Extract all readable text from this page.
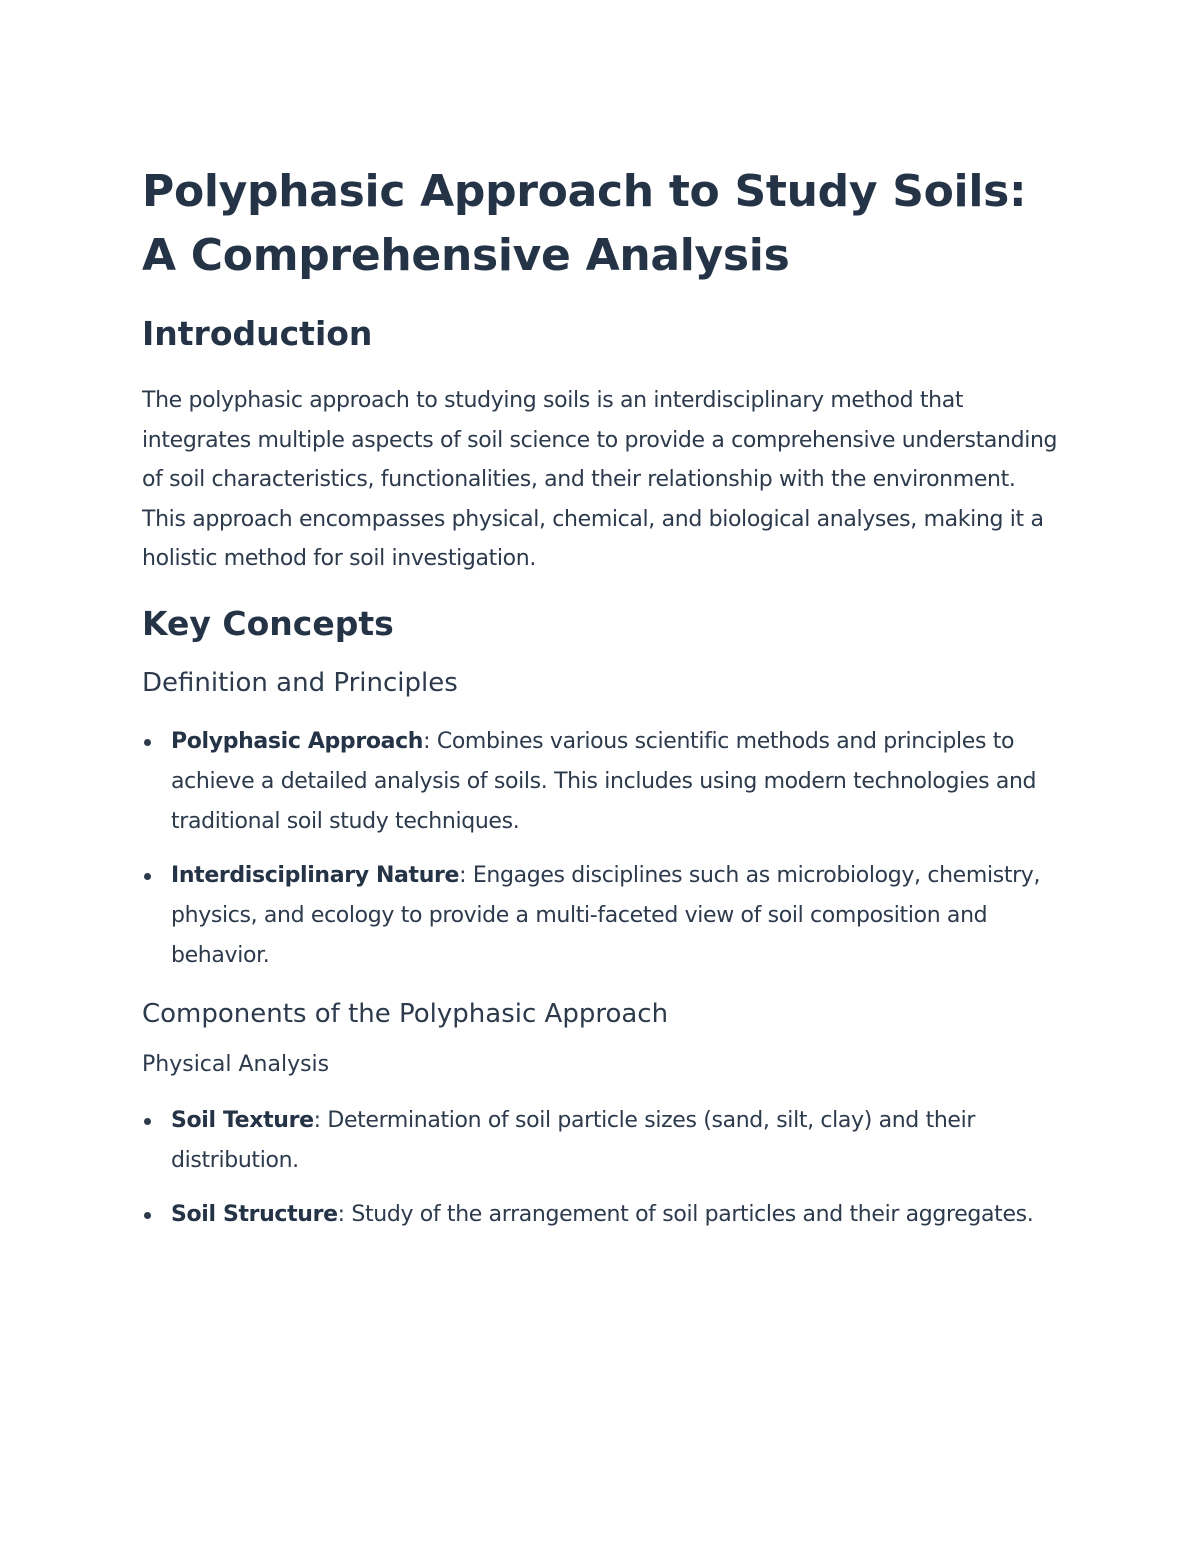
Polyphasic Approach to Study Soils: A Comprehensive Analysis
Introduction

The polyphasic approach to studying soils is an interdisciplinary method that integrates multiple aspects of soil science to provide a comprehensive understanding of soil characteristics, functionalities, and their relationship with the environment. This approach encompasses physical, chemical, and biological analyses, making it a holistic method for soil investigation.

Key Concepts
Definition and Principles
Polyphasic Approach: Combines various scientific methods and principles to achieve a detailed analysis of soils. This includes using modern technologies and traditional soil study techniques.
Interdisciplinary Nature: Engages disciplines such as microbiology, chemistry, physics, and ecology to provide a multi-faceted view of soil composition and behavior.
Components of the Polyphasic Approach
Physical Analysis
Soil Texture: Determination of soil particle sizes (sand, silt, clay) and their distribution.
Soil Structure: Study of the arrangement of soil particles and their aggregates.
